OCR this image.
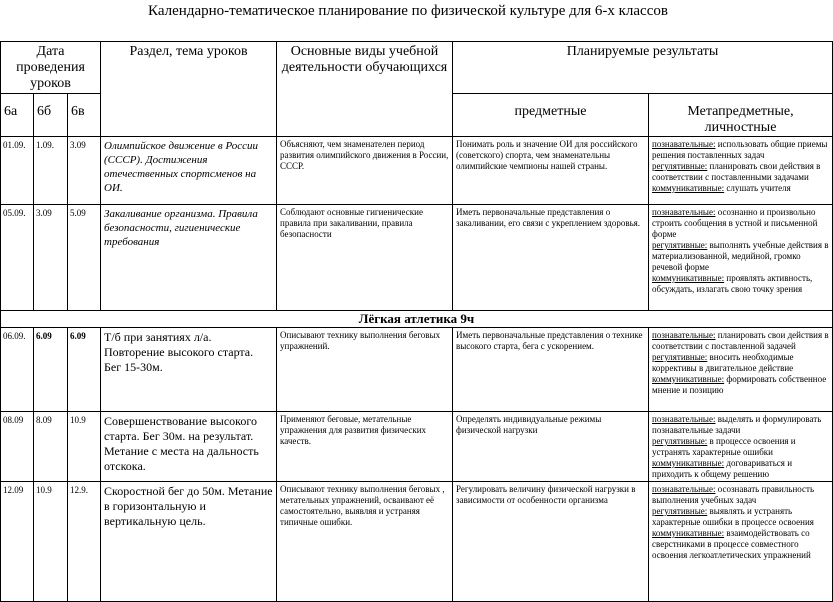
Календарно-тематическое планирование по физической культуре для 6-х классов
Дата проведения уроков			Раздел, тема уроков	Основные виды учебной деятельности обучающихся	Планируемые результаты	
6а	6б	6в			предметные	Метапредметные, личностные
01.09.	1.09.	3.09	Олимпийское движение в России (СССР). Достижения отечественных спортсменов на ОИ.	Объясняют, чем знаменателен период развития олимпийского движения в России, СССР.	Понимать роль и значение ОИ для российского (советского) спорта, чем знаменательны олимпийские чемпионы нашей страны.	познавательные: использовать общие приемы решения поставленных задач
регулятивные: планировать свои действия в соответствии с поставленными задачами
коммуникативные: слушать учителя

05.09.	3.09	5.09	Закаливание организма. Правила безопасности, гигиенические требования	Соблюдают основные гигиенические правила при закаливании, правила безопасности	Иметь первоначальные представления о закаливании, его связи с укреплением здоровья.	познавательные: осознанно и произвольно строить сообщения в устной и письменной форме
регулятивные: выполнять учебные действия в материализованной, медийной, громко речевой форме
коммуникативные: проявлять активность, обсуждать, излагать свою точку зрения

Лёгкая атлетика 9ч						
06.09.	6.09	6.09	Т/б при занятиях л/а. Повторение высокого старта. Бег 15-30м.	Описывают технику выполнения беговых упражнений.	Иметь первоначальные представления о технике высокого старта, бега с ускорением.	познавательные: планировать свои действия в соответствии с поставленной задачей
регулятивные: вносить необходимые коррективы в двигательное действие
коммуникативные: формировать собственное мнение и позицию

08.09	8.09	10.9	Совершенствование высокого старта. Бег 30м. на результат. Метание с места на дальность отскока.	Применяют беговые, метательные упражнения для развития физических качеств.	Определять индивидуальные режимы физической нагрузки	познавательные: выделять и формулировать познавательные задачи
регулятивные: в процессе освоения и устранять характерные ошибки
коммуникативные: договариваться и приходить к общему решению

12.09	10.9	12.9.	Скоростной бег до 50м. Метание в горизонтальную и вертикальную цель.	Описывают технику выполнения беговых , метательных упражнений, осваивают её самостоятельно, выявляя и устраняя типичные ошибки.	Регулировать величину физической нагрузки в зависимости от особенности организма	познавательные: осознавать правильность выполнения учебных задач
регулятивные: выявлять и устранять характерные ошибки в процессе освоения
коммуникативные: взаимодействовать со сверстниками в процессе совместного освоения легкоатлетических упражнений
